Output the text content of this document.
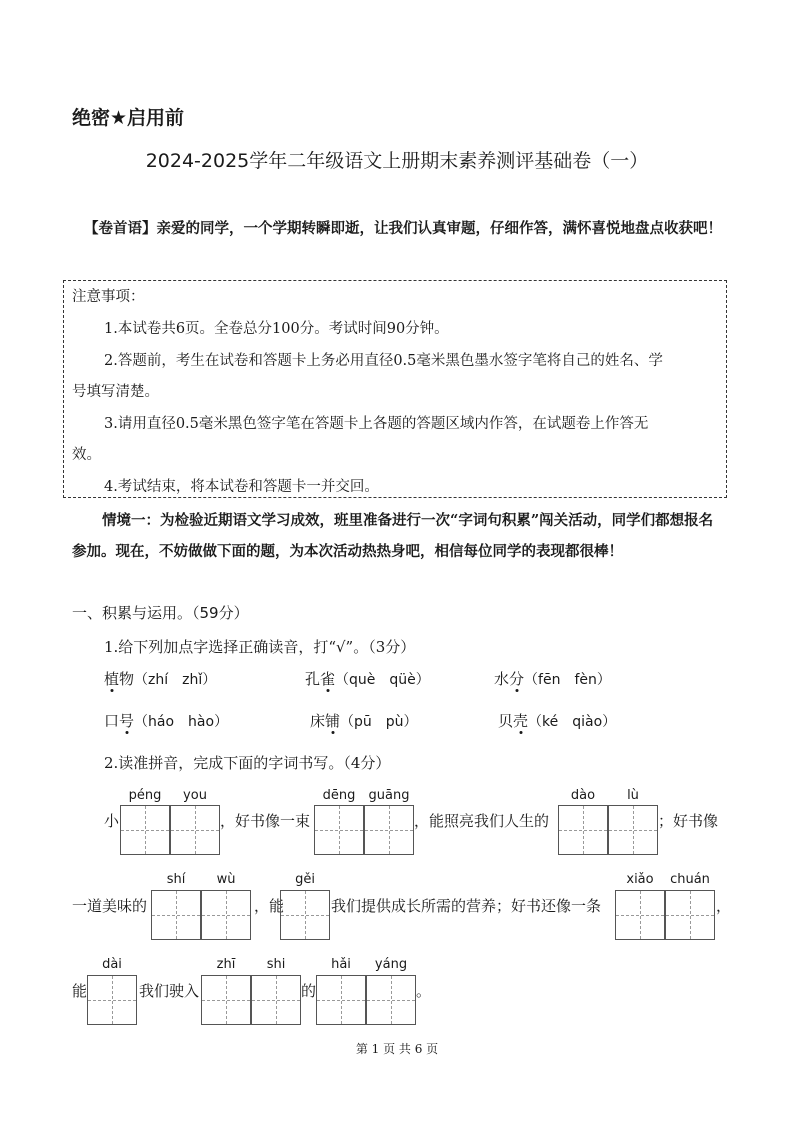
绝密★启用前
2024-2025学年二年级语文上册期末素养测评基础卷（一）
【卷首语】亲爱的同学，一个学期转瞬即逝，让我们认真审题，仔细作答，满怀喜悦地盘点收获吧！
注意事项：
1.本试卷共6页。全卷总分100分。考试时间90分钟。
2.答题前，考生在试卷和答题卡上务必用直径0.5毫米黑色墨水签字笔将自己的姓名、学
号填写清楚。
3.请用直径0.5毫米黑色签字笔在答题卡上各题的答题区域内作答，在试题卷上作答无
效。
4.考试结束，将本试卷和答题卡一并交回。
情境一：为检验近期语文学习成效，班里准备进行一次“字词句积累”闯关活动，同学们都想报名参加。现在，不妨做做下面的题，为本次活动热热身吧，相信每位同学的表现都很棒！
一、积累与运用。（59分）
1.给下列加点字选择正确读音，打“√”。（3分）
植物（zhí　zhǐ）	孔雀（què　qüè）	水分（fēn　fèn）
口号（háo　hào）	床铺（pū　pù）	贝壳（ké　qiào）
2.读准拼音，完成下面的字词书写。（4分）
péng	you	dēng	guāng	dào	lù
小	，好书像一束	，能照亮我们人生的	；好书像
shí	wù	gěi	xiǎo	chuán
一道美味的	，能	我们提供成长所需的营养；好书还像一条	，
dài	zhī	shi	hǎi	yáng
能	我们驶入	的	。
第 1 页 共 6 页
